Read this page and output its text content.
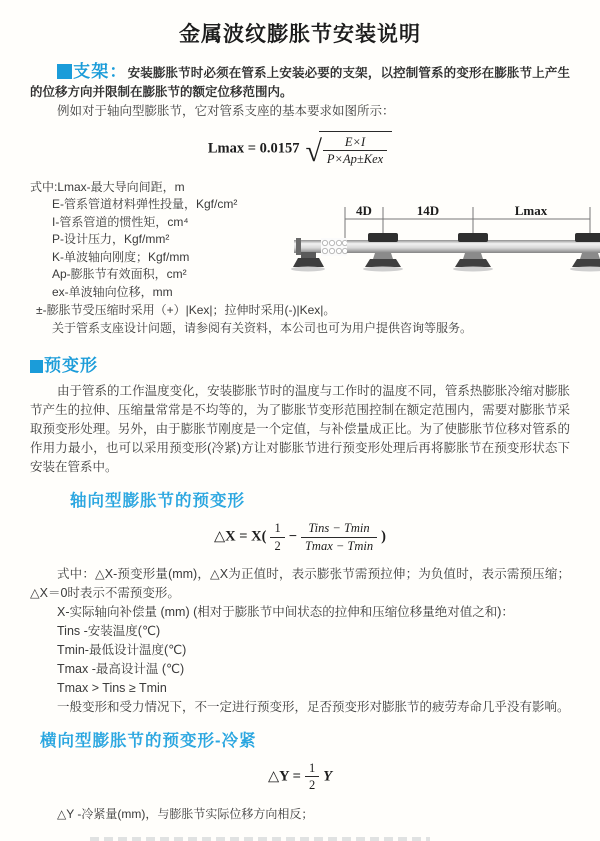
金属波纹膨胀节安装说明

支架：安装膨胀节时必须在管系上安装必要的支架，以控制管系的变形在膨胀节上产生的位移方向并限制在膨胀节的额定位移范围内。

例如对于轴向型膨胀节，它对管系支座的基本要求如图所示：

Lmax = 0.0157 √ $\frac{E\times I}{\text{P×Ap±Kex}}$
式中:Lmax-最大导向间距，m
E-管系管道材料弹性投量，Kgf/cm²
I-管系管道的惯性矩，cm⁴
P-设计压力，Kgf/mm²
K-单波轴向刚度；Kgf/mm
Ap-膨胀节有效面积，cm²
ex-单波轴向位移，mm
4D	14D	Lmax
±-膨胀节受压缩时采用（+）|Kex|；拉伸时采用(-)|Kex|。
关于管系支座设计问题，请参阅有关资料，本公司也可为用户提供咨询等服务。
预变形

由于管系的工作温度变化，安装膨胀节时的温度与工作时的温度不同，管系热膨胀冷缩对膨胀节产生的拉伸、压缩量常常是不均等的，为了膨胀节变形范围控制在额定范围内，需要对膨胀节采取预变形处理。另外，由于膨胀节刚度是一个定值，与补偿量成正比。为了使膨胀节位移对管系的作用力最小，也可以采用预变形(冷紧)方让对膨胀节进行预变形处理后再将膨胀节在预变形状态下安装在管系中。

轴向型膨胀节的预变形
△X = $X( \frac{1}{2} - \frac{\text{Tins − Tmin}}{Tmax - Tmin}$ )

式中：△X-预变形量(mm)，△X为正值时，表示膨张节需预拉伸；为负值时，表示需预压缩；△X＝0时表示不需预变形。

X-实际轴向补偿量 (mm) (相对于膨胀节中间状态的拉伸和压缩位移量绝对值之和)：
Tins -安装温度(℃)
Tmin-最低设计温度(℃)
Tmax -最高设计温 (℃)
Tmax > Tins ≥ Tmin

一般变形和受力情况下，不一定进行预变形，足否预变形对膨胀节的疲劳寿命几乎没有影响。

横向型膨胀节的预变形-冷紧
△Y = $\frac{1}{2}$ Y
△Y -冷紧量(mm)，与膨胀节实际位移方向相反；
